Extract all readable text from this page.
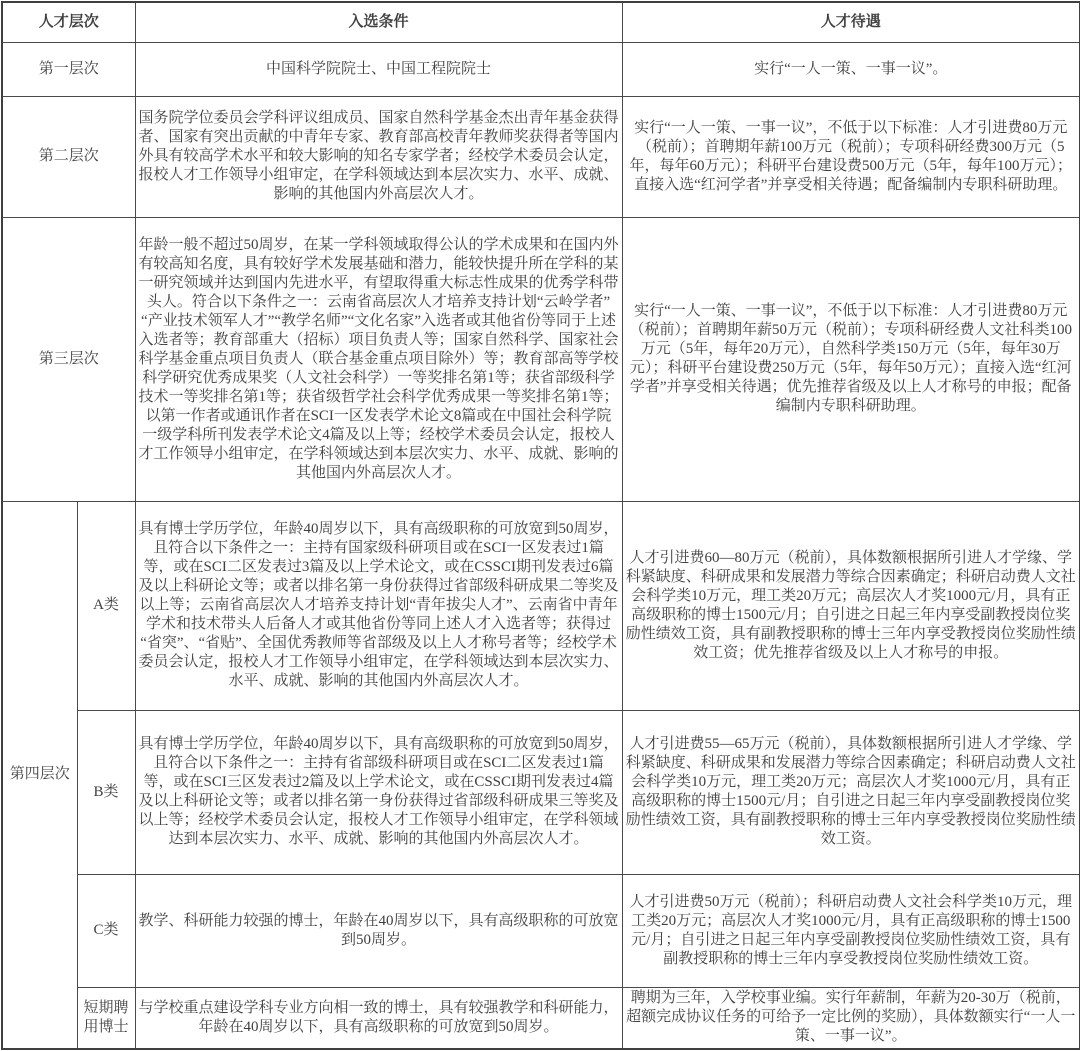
人才层次		入选条件	人才待遇
第一层次		中国科学院院士、中国工程院院士	实行“一人一策、一事一议”。
第二层次		国务院学位委员会学科评议组成员、国家自然科学基金杰出青年基金获得者、国家有突出贡献的中青年专家、教育部高校青年教师奖获得者等国内外具有较高学术水平和较大影响的知名专家学者；经校学术委员会认定，报校人才工作领导小组审定，在学科领域达到本层次实力、水平、成就、影响的其他国内外高层次人才。	实行“一人一策、一事一议”，不低于以下标准：人才引进费80万元（税前）；首聘期年薪100万元（税前）；专项科研经费300万元（5年，每年60万元）；科研平台建设费500万元（5年，每年100万元）；直接入选“红河学者”并享受相关待遇；配备编制内专职科研助理。
第三层次		年龄一般不超过50周岁，在某一学科领域取得公认的学术成果和在国内外有较高知名度，具有较好学术发展基础和潜力，能较快提升所在学科的某一研究领域并达到国内先进水平，有望取得重大标志性成果的优秀学科带头人。符合以下条件之一：云南省高层次人才培养支持计划“云岭学者”“产业技术领军人才”“教学名师”“文化名家”入选者或其他省份等同于上述入选者等；教育部重大（招标）项目负责人等；国家自然科学、国家社会科学基金重点项目负责人（联合基金重点项目除外）等；教育部高等学校科学研究优秀成果奖（人文社会科学）一等奖排名第1等；获省部级科学技术一等奖排名第1等；获省级哲学社会科学优秀成果一等奖排名第1等；以第一作者或通讯作者在SCI一区发表学术论文8篇或在中国社会科学院一级学科所刊发表学术论文4篇及以上等；经校学术委员会认定，报校人才工作领导小组审定，在学科领域达到本层次实力、水平、成就、影响的其他国内外高层次人才。	实行“一人一策、一事一议”，不低于以下标准：人才引进费80万元（税前）；首聘期年薪50万元（税前）；专项科研经费人文社科类100万元（5年，每年20万元），自然科学类150万元（5年，每年30万元）；科研平台建设费250万元（5年，每年50万元）；直接入选“红河学者”并享受相关待遇；优先推荐省级及以上人才称号的申报；配备编制内专职科研助理。
第四层次	A类	具有博士学历学位，年龄40周岁以下，具有高级职称的可放宽到50周岁，且符合以下条件之一：主持有国家级科研项目或在SCI一区发表过1篇等，或在SCI二区发表过3篇及以上学术论文，或在CSSCI期刊发表过6篇及以上科研论文等；或者以排名第一身份获得过省部级科研成果二等奖及以上等；云南省高层次人才培养支持计划“青年拔尖人才”、云南省中青年学术和技术带头人后备人才或其他省份等同上述人才入选者等；获得过“省突”、“省贴”、全国优秀教师等省部级及以上人才称号者等；经校学术委员会认定，报校人才工作领导小组审定，在学科领域达到本层次实力、水平、成就、影响的其他国内外高层次人才。	人才引进费60—80万元（税前），具体数额根据所引进人才学缘、学科紧缺度、科研成果和发展潜力等综合因素确定；科研启动费人文社会科学类10万元，理工类20万元；高层次人才奖1000元/月，具有正高级职称的博士1500元/月；自引进之日起三年内享受副教授岗位奖励性绩效工资，具有副教授职称的博士三年内享受教授岗位奖励性绩效工资；优先推荐省级及以上人才称号的申报。
	B类	具有博士学历学位，年龄40周岁以下，具有高级职称的可放宽到50周岁，且符合以下条件之一：主持有省部级科研项目或在SCI二区发表过1篇等，或在SCI三区发表过2篇及以上学术论文，或在CSSCI期刊发表过4篇及以上科研论文等；或者以排名第一身份获得过省部级科研成果三等奖及以上等；经校学术委员会认定，报校人才工作领导小组审定，在学科领域达到本层次实力、水平、成就、影响的其他国内外高层次人才。	人才引进费55—65万元（税前），具体数额根据所引进人才学缘、学科紧缺度、科研成果和发展潜力等综合因素确定；科研启动费人文社会科学类10万元，理工类20万元；高层次人才奖1000元/月，具有正高级职称的博士1500元/月；自引进之日起三年内享受副教授岗位奖励性绩效工资，具有副教授职称的博士三年内享受教授岗位奖励性绩效工资。
	C类	教学、科研能力较强的博士，年龄在40周岁以下，具有高级职称的可放宽到50周岁。	人才引进费50万元（税前）；科研启动费人文社会科学类10万元，理工类20万元；高层次人才奖1000元/月，具有正高级职称的博士1500元/月；自引进之日起三年内享受副教授岗位奖励性绩效工资，具有副教授职称的博士三年内享受教授岗位奖励性绩效工资。
	短期聘用博士	与学校重点建设学科专业方向相一致的博士，具有较强教学和科研能力，年龄在40周岁以下，具有高级职称的可放宽到50周岁。	聘期为三年，入学校事业编。实行年薪制，年薪为20-30万（税前，超额完成协议任务的可给予一定比例的奖励），具体数额实行“一人一策、一事一议”。
